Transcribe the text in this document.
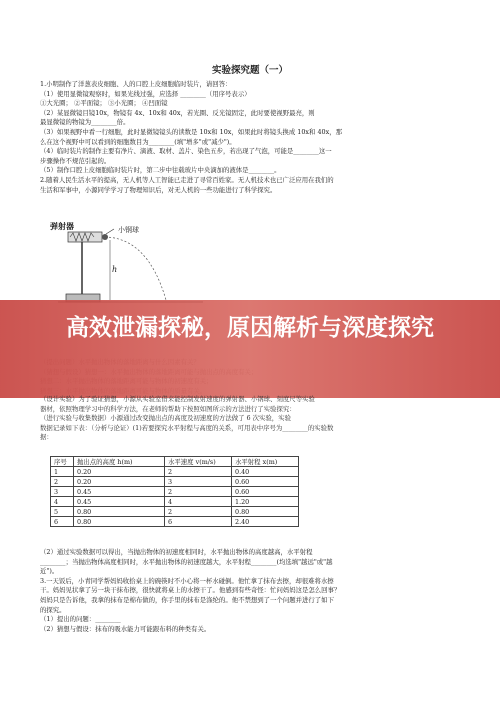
实验探究题（一）
1.小明制作了洋葱表皮细胞、人的口腔上皮细胞临时装片，请回答：
（1）使用显微镜观察时，如果光线过强，应选择 ________（用序号表示）
①大光圈； ②平面镜； ③小光圈； ④凹面镜
（2）某显微镜目镜10x，物镜有 4x、10x和 40x，若光圈、反光镜固定，此时要使视野最亮，则
最显微镜的物镜为________倍。
（3）如果视野中看一行细胞，此时显微镜镜头的读数是 10x和 10x，如果此时将镜头换成 10x和 40x，那
么在这个视野中可以看到的细胞数目为________(填"增多"或"减少")。
（4）临时装片的制作主要有净片、滴液、取材、盖片、染色五步，若出现了气泡，可能是________这一
步骤操作不规范引起的。
（5）制作口腔上皮细胞临时装片时，第二步中往载玻片中央滴加的液体是________。
2.随着人民生活水平的提高，无人机等人工智能已走进了寻常百姓家。无人机技术也已广泛应用在我们的
生活和军事中，小源同学学习了物理知识后，对无人机的一些功能进行了科学探究。
弹射器	小钢球
h
高效泄漏探秘，原因解析与深度探究
（设计实验）为了验证猜想，小源从实验室借来能控制发射速度的弹射器、小钢球、刻度尺等实验
器材，依照物理学习中的科学方法，在老师的帮助下按照如图所示的方法进行了实验探究：
（进行实验与收集数据）小源通过改变抛出点的高度及初速度的方法做了 6 次实验，实验
数据记录如下表：（分析与论证）(1)若要探究水平射程与高度的关系，可用表中序号为________的实验数
据：
序号	抛出点的高度 h(m)	水平速度 v(m/s)	水平射程 x(m)
1	0.20	2	0.40
2	0.20	3	0.60
3	0.45	2	0.60
4	0.45	4	1.20
5	0.80	2	0.80
6	0.80	6	2.40
（2）通过实验数据可以得出，当抛出物体的初速度相同时，水平抛出物体的高度越高，水平射程
________；当抛出物体高度相同时，水平抛出物体的初速度越大，水平射程________(均选填"越远"或"越
近")。
3.一天饭后，小青同学帮妈妈收拾桌上的碗筷时不小心将一杯水碰倒。他忙拿了抹布去擦，却很难将水擦
干。妈妈见状拿了另一块干抹布擦，很快就将桌上的水擦干了。他感到有些奇怪：忙问妈妈这是怎么回事？
妈妈只是告诉他，我拿的抹布是棉布做的，你手里的抹布是涤纶的。他不禁想到了一个问题并进行了如下
的探究。
（1）提出的问题：________
（2）猜想与假设：抹布的吸水能力可能跟布料的种类有关。
